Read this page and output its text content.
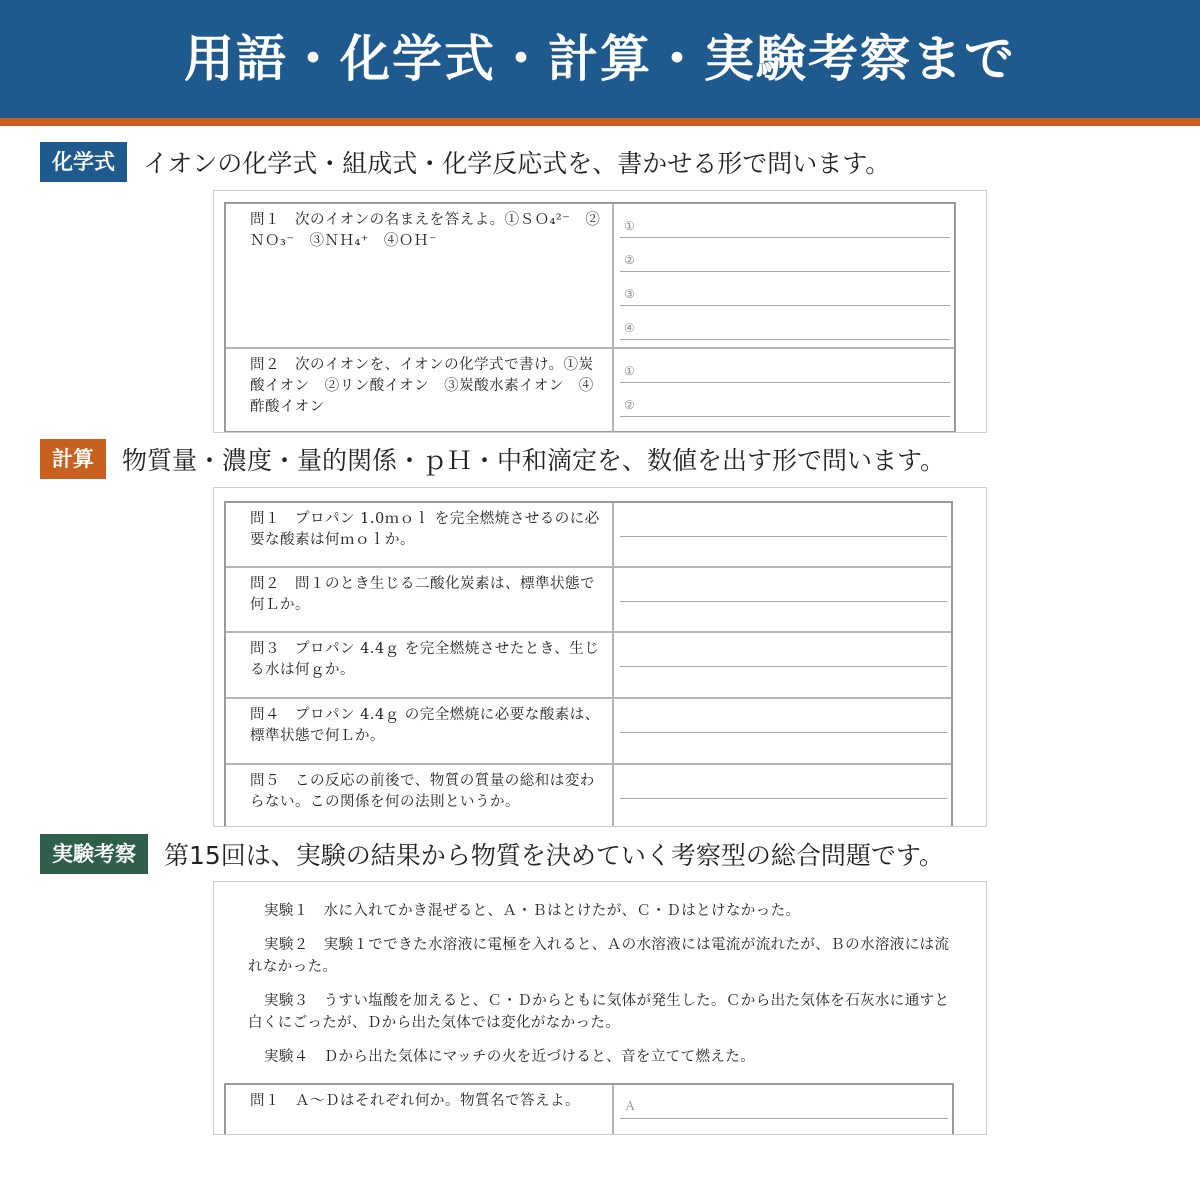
用語・化学式・計算・実験考察まで
化学式	イオンの化学式・組成式・化学反応式を、書かせる形で問います。
問１　次のイオンの名まえを答えよ。①ＳＯ₄²⁻　②ＮＯ₃⁻　③ＮＨ₄⁺　④ＯＨ⁻
①
②
③
④
問２　次のイオンを、イオンの化学式で書け。①炭酸イオン　②リン酸イオン　③炭酸水素イオン　④酢酸イオン
①
②
計算	物質量・濃度・量的関係・ｐＨ・中和滴定を、数値を出す形で問います。
問１　プロパン 1.0ｍｏｌ を完全燃焼させるのに必要な酸素は何ｍｏｌか。
問２　問１のとき生じる二酸化炭素は、標準状態で何Ｌか。
問３　プロパン 4.4ｇ を完全燃焼させたとき、生じる水は何ｇか。
問４　プロパン 4.4ｇ の完全燃焼に必要な酸素は、標準状態で何Ｌか。
問５　この反応の前後で、物質の質量の総和は変わらない。この関係を何の法則というか。
実験考察	第15回は、実験の結果から物質を決めていく考察型の総合問題です。

実験１　水に入れてかき混ぜると、Ａ・Ｂはとけたが、Ｃ・Ｄはとけなかった。

実験２　実験１でできた水溶液に電極を入れると、Ａの水溶液には電流が流れたが、Ｂの水溶液には流れなかった。

実験３　うすい塩酸を加えると、Ｃ・Ｄからともに気体が発生した。Ｃから出た気体を石灰水に通すと白くにごったが、Ｄから出た気体では変化がなかった。

実験４　Ｄから出た気体にマッチの火を近づけると、音を立てて燃えた。

問１　Ａ〜Ｄはそれぞれ何か。物質名で答えよ。	Ａ
